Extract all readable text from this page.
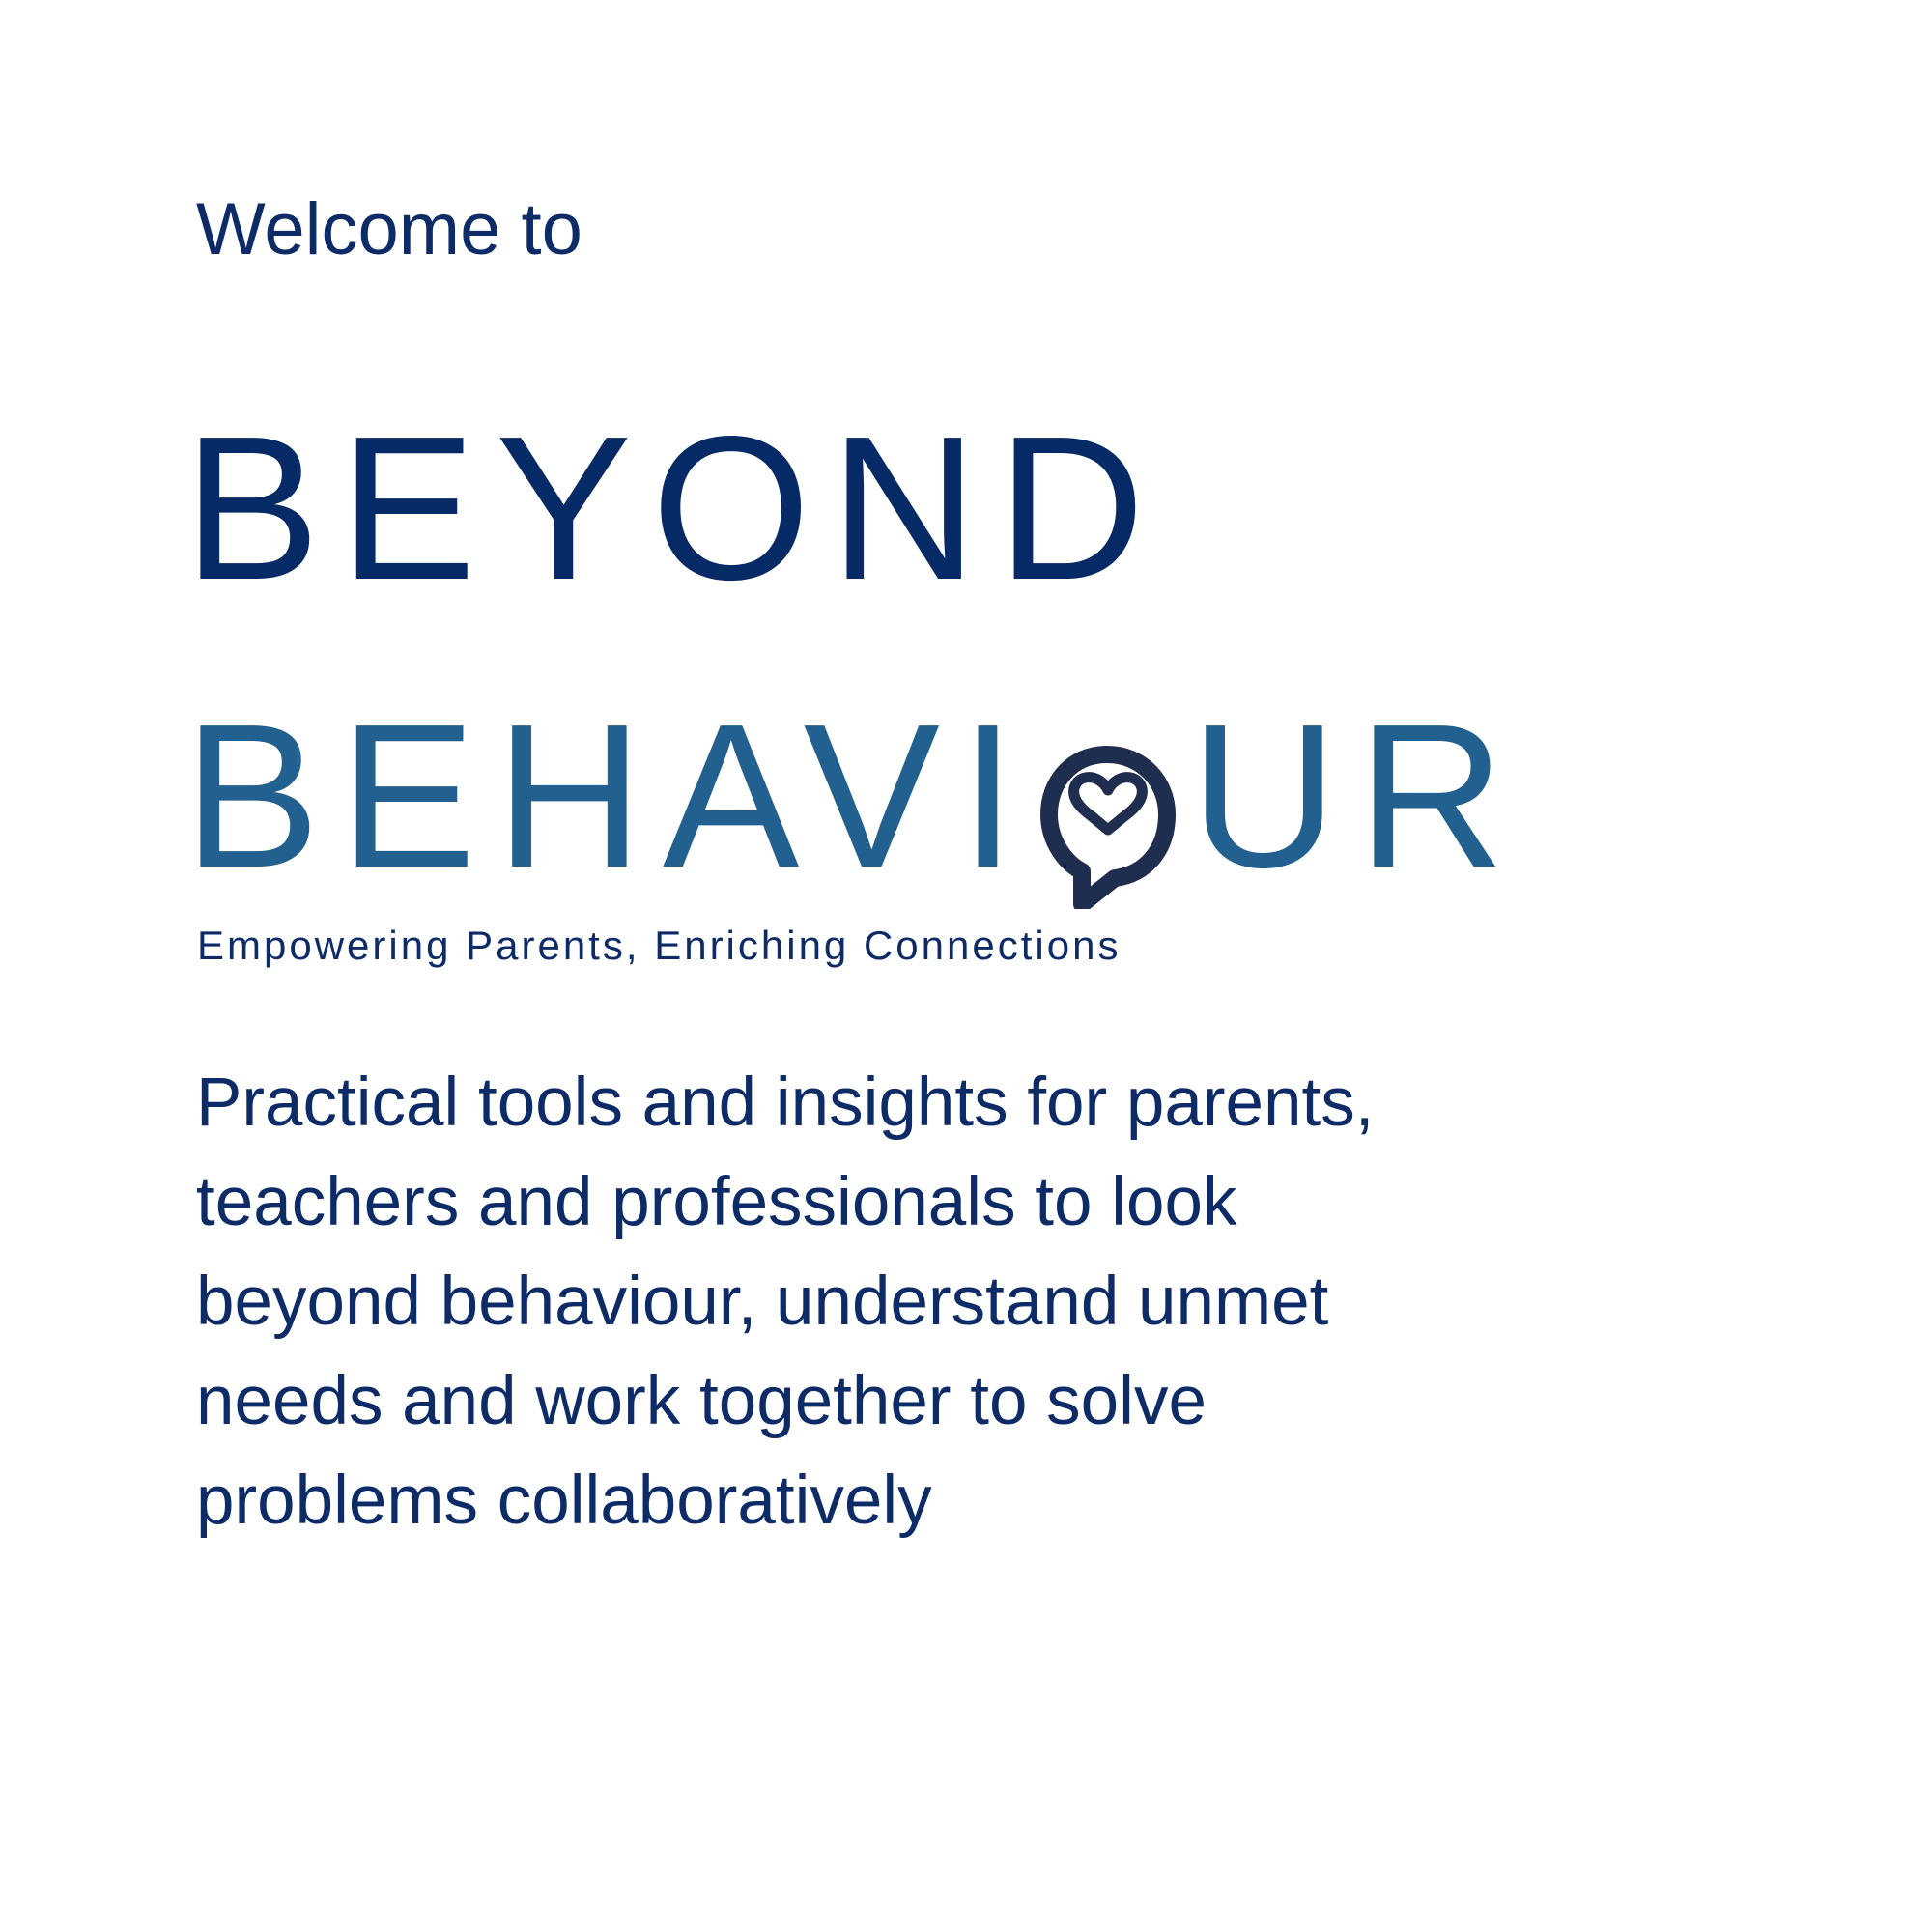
Welcome to

BEYOND
BEHAVI UR

Empowering Parents, Enriching Connections

Practical tools and insights for parents,
teachers and professionals to look
beyond behaviour, understand unmet
needs and work together to solve
problems collaboratively
